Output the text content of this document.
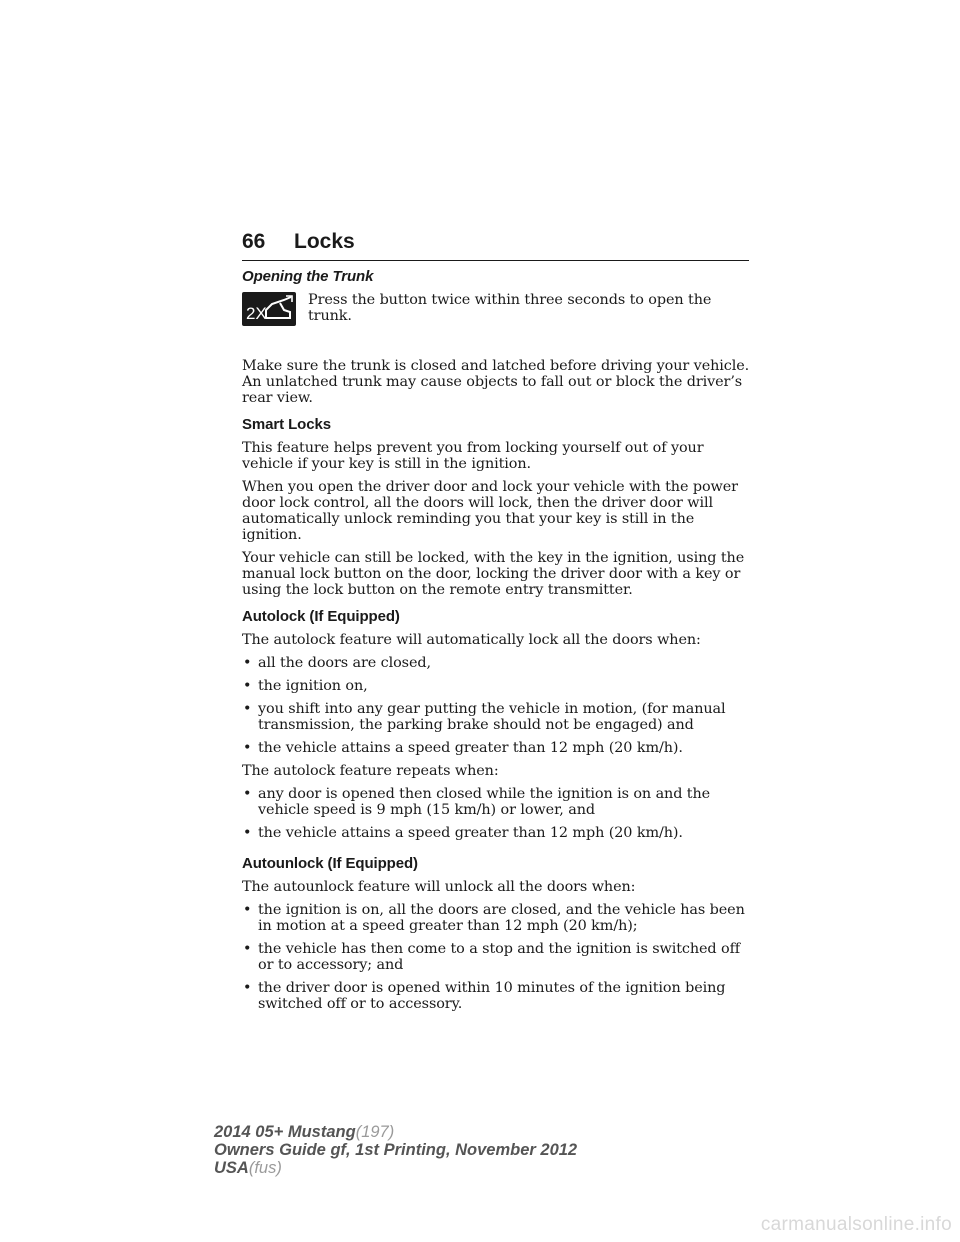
66 Locks
Opening the Trunk
2X

Press the button twice within three seconds to open the trunk.

Make sure the trunk is closed and latched before driving your vehicle. An unlatched trunk may cause objects to fall out or block the driver’s rear view.

Smart Locks

This feature helps prevent you from locking yourself out of your vehicle if your key is still in the ignition.

When you open the driver door and lock your vehicle with the power door lock control, all the doors will lock, then the driver door will automatically unlock reminding you that your key is still in the ignition.

Your vehicle can still be locked, with the key in the ignition, using the manual lock button on the door, locking the driver door with a key or using the lock button on the remote entry transmitter.

Autolock (If Equipped)

The autolock feature will automatically lock all the doors when:

• all the doors are closed,
• the ignition on,
• you shift into any gear putting the vehicle in motion, (for manual transmission, the parking brake should not be engaged) and
• the vehicle attains a speed greater than 12 mph (20 km/h).

The autolock feature repeats when:

• any door is opened then closed while the ignition is on and the vehicle speed is 9 mph (15 km/h) or lower, and
• the vehicle attains a speed greater than 12 mph (20 km/h).
Autounlock (If Equipped)

The autounlock feature will unlock all the doors when:

• the ignition is on, all the doors are closed, and the vehicle has been in motion at a speed greater than 12 mph (20 km/h);
• the vehicle has then come to a stop and the ignition is switched off or to accessory; and
• the driver door is opened within 10 minutes of the ignition being switched off or to accessory.
2014 05+ Mustang(197)
Owners Guide gf, 1st Printing, November 2012
USA(fus)
carmanualsonline.info
